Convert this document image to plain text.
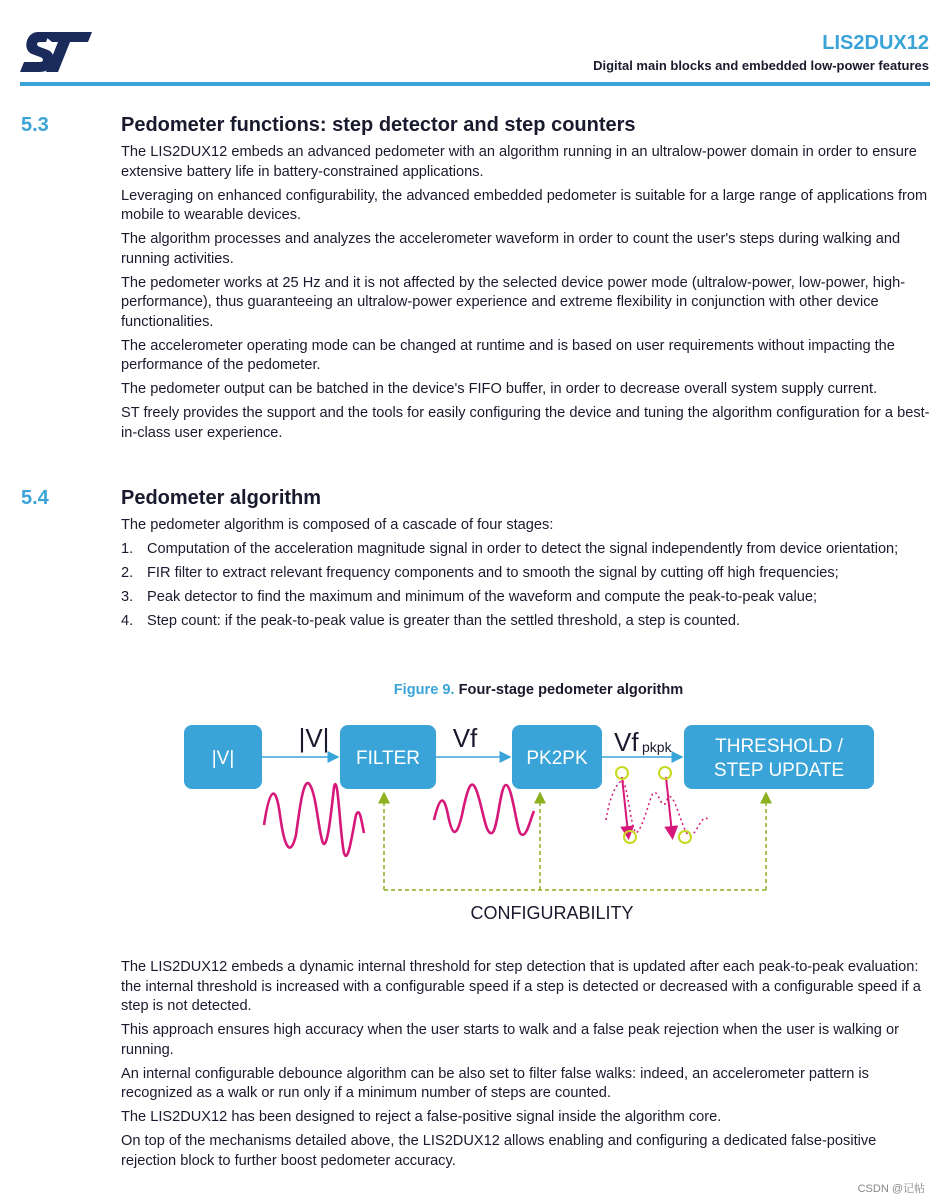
LIS2DUX12
Digital main blocks and embedded low-power features
5.3	Pedometer functions: step detector and step counters

The LIS2DUX12 embeds an advanced pedometer with an algorithm running in an ultralow-power domain in order to ensure extensive battery life in battery-constrained applications.

Leveraging on enhanced configurability, the advanced embedded pedometer is suitable for a large range of applications from mobile to wearable devices.

The algorithm processes and analyzes the accelerometer waveform in order to count the user's steps during walking and running activities.

The pedometer works at 25 Hz and it is not affected by the selected device power mode (ultralow-power, low-power, high-performance), thus guaranteeing an ultralow-power experience and extreme flexibility in conjunction with other device functionalities.

The accelerometer operating mode can be changed at runtime and is based on user requirements without impacting the performance of the pedometer.

The pedometer output can be batched in the device's FIFO buffer, in order to decrease overall system supply current.

ST freely provides the support and the tools for easily configuring the device and tuning the algorithm configuration for a best-in-class user experience.

5.4	Pedometer algorithm

The pedometer algorithm is composed of a cascade of four stages:

1. Computation of the acceleration magnitude signal in order to detect the signal independently from device orientation;
2. FIR filter to extract relevant frequency components and to smooth the signal by cutting off high frequencies;
3. Peak detector to find the maximum and minimum of the waveform and compute the peak-to-peak value;
4. Step count: if the peak-to-peak value is greater than the settled threshold, a step is counted.
Figure 9. Four-stage pedometer algorithm
|V|	FILTER	PK2PK
THRESHOLD /
STEP UPDATE
|V|	Vf	Vf pkpk
CONFIGURABILITY

The LIS2DUX12 embeds a dynamic internal threshold for step detection that is updated after each peak-to-peak evaluation: the internal threshold is increased with a configurable speed if a step is detected or decreased with a configurable speed if a step is not detected.

This approach ensures high accuracy when the user starts to walk and a false peak rejection when the user is walking or running.

An internal configurable debounce algorithm can be also set to filter false walks: indeed, an accelerometer pattern is recognized as a walk or run only if a minimum number of steps are counted.

The LIS2DUX12 has been designed to reject a false-positive signal inside the algorithm core.

On top of the mechanisms detailed above, the LIS2DUX12 allows enabling and configuring a dedicated false-positive rejection block to further boost pedometer accuracy.

CSDN @记帖
